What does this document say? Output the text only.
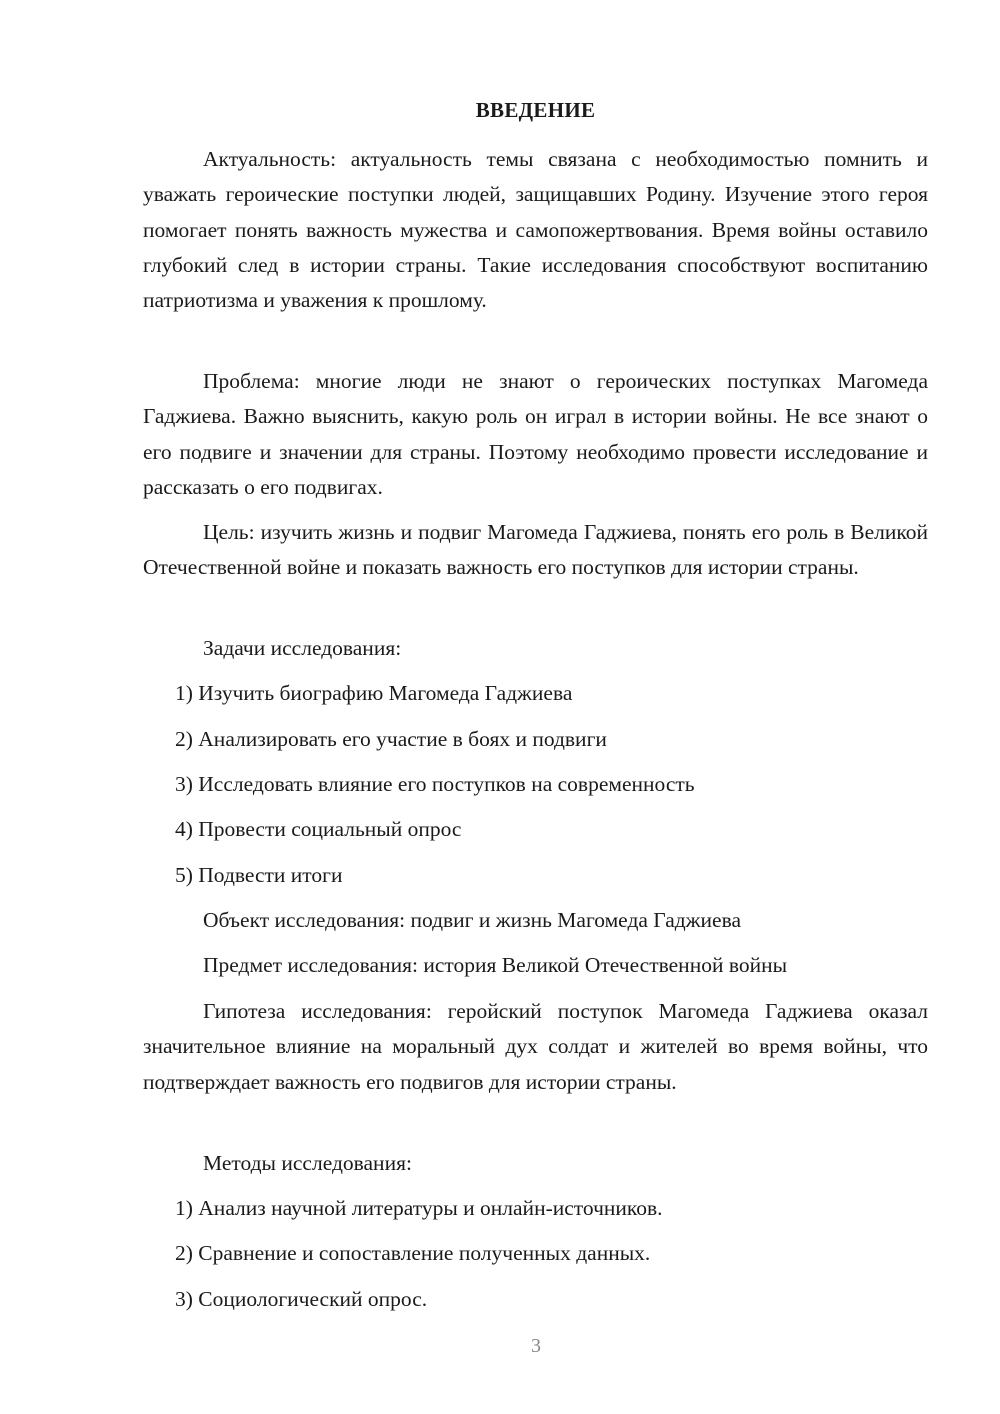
ВВЕДЕНИЕ

Актуальность: актуальность темы связана с необходимостью помнить и уважать героические поступки людей, защищавших Родину. Изучение этого героя помогает понять важность мужества и самопожертвования. Время войны оставило глубокий след в истории страны. Такие исследования способствуют воспитанию патриотизма и уважения к прошлому.

Проблема: многие люди не знают о героических поступках Магомеда Гаджиева. Важно выяснить, какую роль он играл в истории войны. Не все знают о его подвиге и значении для страны. Поэтому необходимо провести исследование и рассказать о его подвигах.

Цель: изучить жизнь и подвиг Магомеда Гаджиева, понять его роль в Великой Отечественной войне и показать важность его поступков для истории страны.

Задачи исследования:

1) Изучить биографию Магомеда Гаджиева

2) Анализировать его участие в боях и подвиги

3) Исследовать влияние его поступков на современность

4) Провести социальный опрос

5) Подвести итоги

Объект исследования: подвиг и жизнь Магомеда Гаджиева

Предмет исследования: история Великой Отечественной войны

Гипотеза исследования: геройский поступок Магомеда Гаджиева оказал значительное влияние на моральный дух солдат и жителей во время войны, что подтверждает важность его подвигов для истории страны.

Методы исследования:

1) Анализ научной литературы и онлайн-источников.

2) Сравнение и сопоставление полученных данных.

3) Социологический опрос.

3
